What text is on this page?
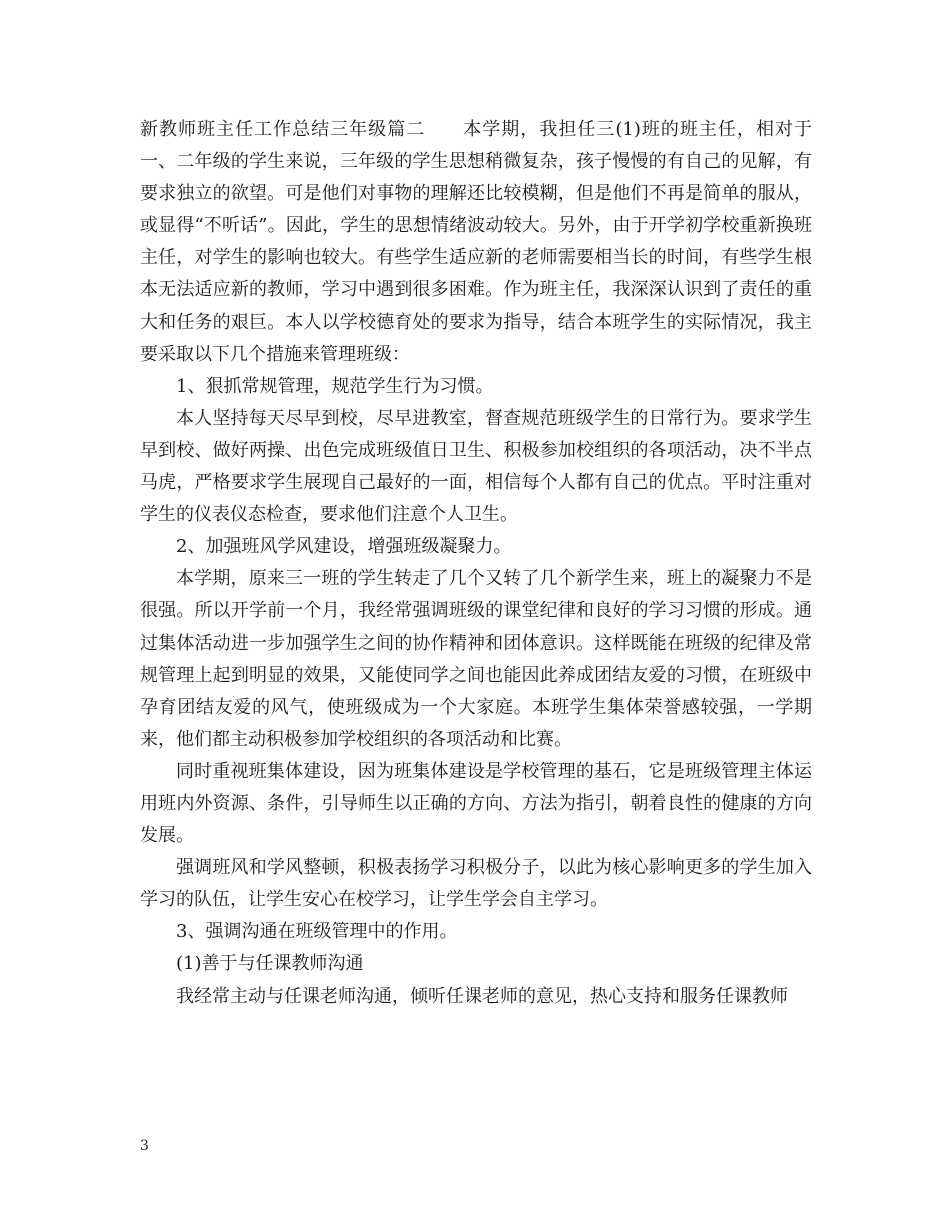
新教师班主任工作总结三年级篇二　　本学期，我担任三(1)班的班主任，相对于一、二年级的学生来说，三年级的学生思想稍微复杂，孩子慢慢的有自己的见解，有要求独立的欲望。可是他们对事物的理解还比较模糊，但是他们不再是简单的服从，或显得“不听话”。因此，学生的思想情绪波动较大。另外，由于开学初学校重新换班主任，对学生的影响也较大。有些学生适应新的老师需要相当长的时间，有些学生根本无法适应新的教师，学习中遇到很多困难。作为班主任，我深深认识到了责任的重大和任务的艰巨。本人以学校德育处的要求为指导，结合本班学生的实际情况，我主要采取以下几个措施来管理班级：

1、狠抓常规管理，规范学生行为习惯。

本人坚持每天尽早到校，尽早进教室，督查规范班级学生的日常行为。要求学生早到校、做好两操、出色完成班级值日卫生、积极参加校组织的各项活动，决不半点马虎，严格要求学生展现自己最好的一面，相信每个人都有自己的优点。平时注重对学生的仪表仪态检查，要求他们注意个人卫生。

2、加强班风学风建设，增强班级凝聚力。

本学期，原来三一班的学生转走了几个又转了几个新学生来，班上的凝聚力不是很强。所以开学前一个月，我经常强调班级的课堂纪律和良好的学习习惯的形成。通过集体活动进一步加强学生之间的协作精神和团体意识。这样既能在班级的纪律及常规管理上起到明显的效果，又能使同学之间也能因此养成团结友爱的习惯，在班级中孕育团结友爱的风气，使班级成为一个大家庭。本班学生集体荣誉感较强，一学期来，他们都主动积极参加学校组织的各项活动和比赛。

同时重视班集体建设，因为班集体建设是学校管理的基石，它是班级管理主体运用班内外资源、条件，引导师生以正确的方向、方法为指引，朝着良性的健康的方向发展。

强调班风和学风整顿，积极表扬学习积极分子，以此为核心影响更多的学生加入学习的队伍，让学生安心在校学习，让学生学会自主学习。

3、强调沟通在班级管理中的作用。

(1)善于与任课教师沟通

我经常主动与任课老师沟通，倾听任课老师的意见，热心支持和服务任课教师

3
